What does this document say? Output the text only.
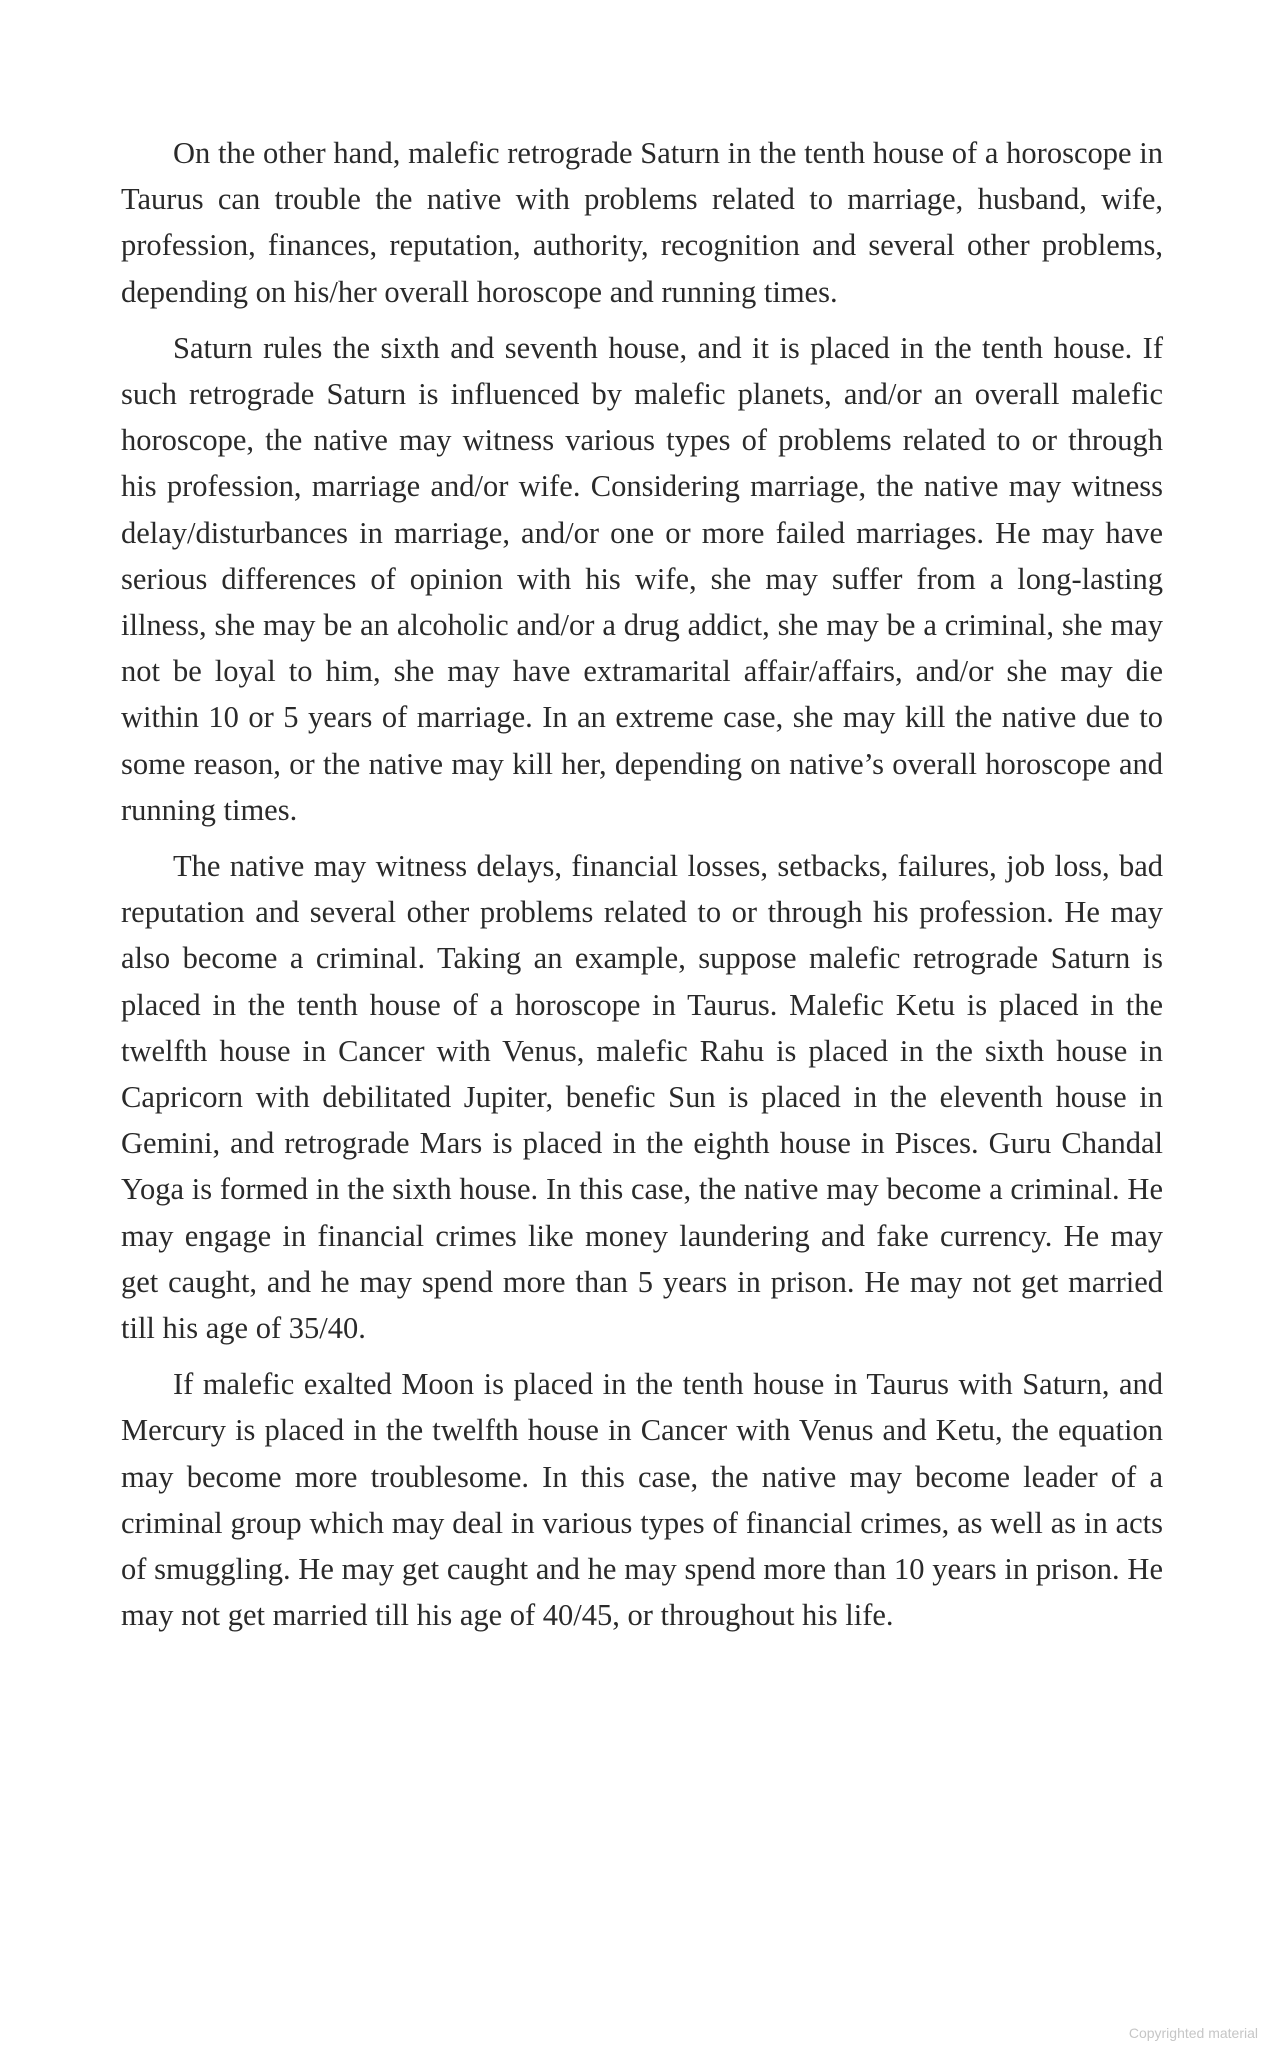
On the other hand, malefic retrograde Saturn in the tenth house of a horoscope in Taurus can trouble the native with problems related to marriage, husband, wife, profession, finances, reputation, authority, recognition and several other problems, depending on his/her overall horoscope and running times.

Saturn rules the sixth and seventh house, and it is placed in the tenth house. If such retrograde Saturn is influenced by malefic planets, and/or an overall malefic horoscope, the native may witness various types of problems related to or through his profession, marriage and/or wife. Considering marriage, the native may witness delay/disturbances in marriage, and/or one or more failed marriages. He may have serious differences of opinion with his wife, she may suffer from a long-lasting illness, she may be an alcoholic and/or a drug addict, she may be a criminal, she may not be loyal to him, she may have extramarital affair/affairs, and/or she may die within 10 or 5 years of marriage. In an extreme case, she may kill the native due to some reason, or the native may kill her, depending on native’s overall horoscope and running times.

The native may witness delays, financial losses, setbacks, failures, job loss, bad reputation and several other problems related to or through his profession. He may also become a criminal. Taking an example, suppose malefic retrograde Saturn is placed in the tenth house of a horoscope in Taurus. Malefic Ketu is placed in the twelfth house in Cancer with Venus, malefic Rahu is placed in the sixth house in Capricorn with debilitated Jupiter, benefic Sun is placed in the eleventh house in Gemini, and retrograde Mars is placed in the eighth house in Pisces. Guru Chandal Yoga is formed in the sixth house. In this case, the native may become a criminal. He may engage in financial crimes like money laundering and fake currency. He may get caught, and he may spend more than 5 years in prison. He may not get married till his age of 35/40.

If malefic exalted Moon is placed in the tenth house in Taurus with Saturn, and Mercury is placed in the twelfth house in Cancer with Venus and Ketu, the equation may become more troublesome. In this case, the native may become leader of a criminal group which may deal in various types of financial crimes, as well as in acts of smuggling. He may get caught and he may spend more than 10 years in prison. He may not get married till his age of 40/45, or throughout his life.

Copyrighted material
